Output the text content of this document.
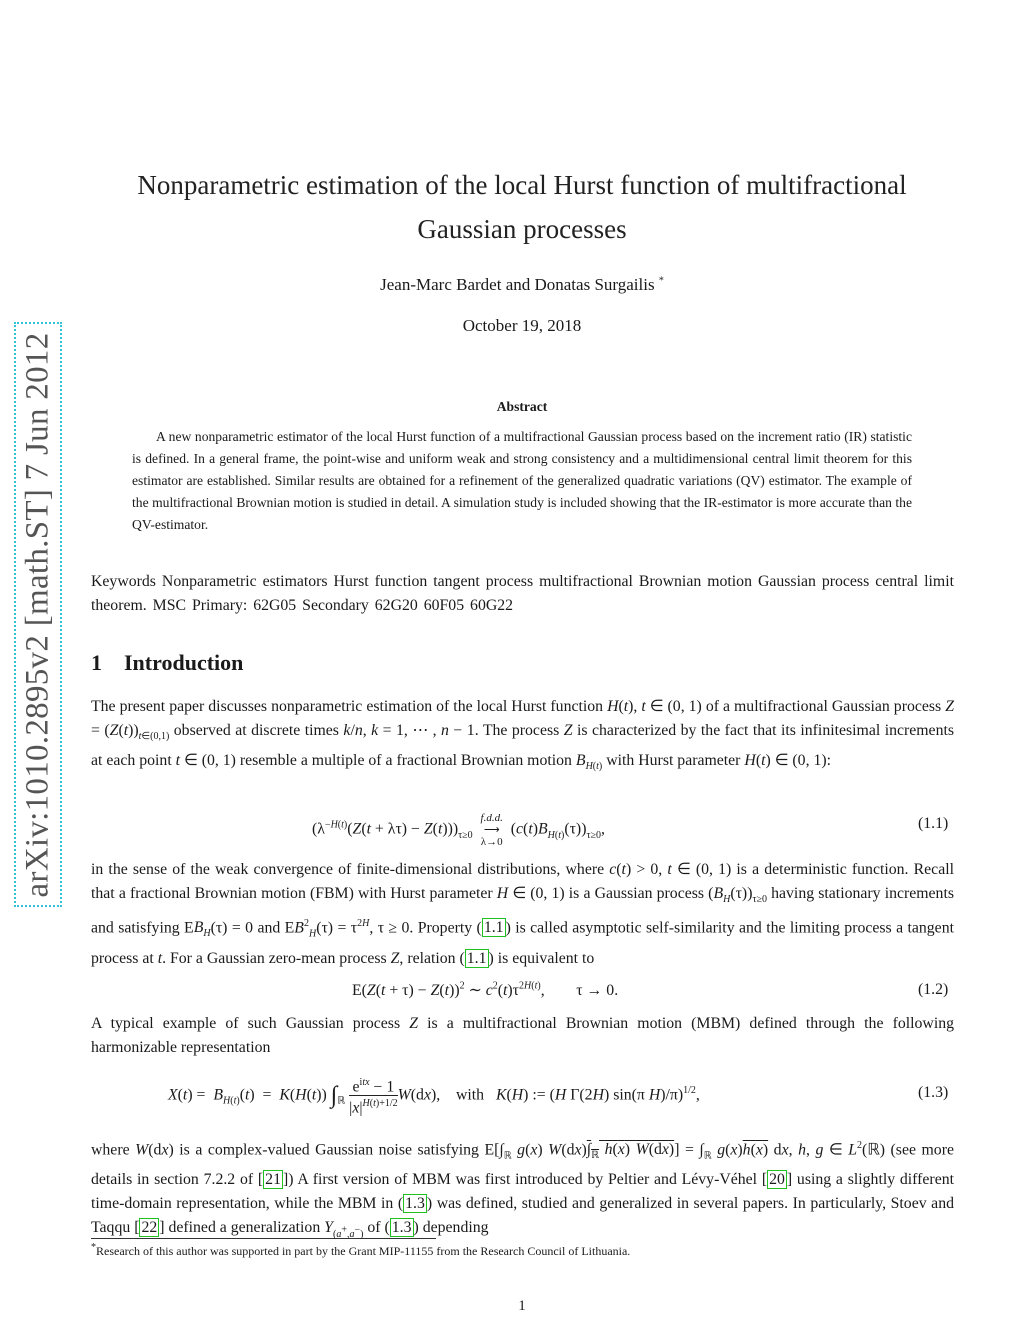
arXiv:1010.2895v2 [math.ST] 7 Jun 2012
Nonparametric estimation of the local Hurst function of multifractional
Gaussian processes
Jean-Marc Bardet and Donatas Surgailis *
October 19, 2018
Abstract
A new nonparametric estimator of the local Hurst function of a multifractional Gaussian process based on the increment ratio (IR) statistic is defined. In a general frame, the point-wise and uniform weak and strong consistency and a multidimensional central limit theorem for this estimator are established. Similar results are obtained for a refinement of the generalized quadratic variations (QV) estimator. The example of the multifractional Brownian motion is studied in detail. A simulation study is included showing that the IR-estimator is more accurate than the QV-estimator.
Keywords Nonparametric estimators Hurst function tangent process multifractional Brownian motion Gaussian process central limit theorem. MSC Primary: 62G05 Secondary 62G20 60F05 60G22
1 Introduction
The present paper discusses nonparametric estimation of the local Hurst function H(t), t ∈ (0, 1) of a multifractional Gaussian process $Z = (Z(t))_{t\in(0,1)}$ observed at discrete times k/n, k = 1, ⋯ , n − 1. The process Z is characterized by the fact that its infinitesimal increments at each point t ∈ (0, 1) resemble a multiple of a fractional Brownian motion $B_{H(t)}$ with Hurst parameter H(t) ∈ (0, 1):
$(\lambda^{-H(t)}(Z(t + \lambda\tau) - Z(t)))_{\tau\ge 0}$  f.d.d.
⟶
λ→0  $(c(t)B_{H(t)}(\tau))_{\tau\ge 0}$,	(1.1)
in the sense of the weak convergence of finite-dimensional distributions, where c(t) > 0, t ∈ (0, 1) is a deterministic function. Recall that a fractional Brownian motion (FBM) with Hurst parameter H ∈ (0, 1) is a Gaussian process $(B_H(\tau))_{\tau\ge 0}$ having stationary increments and satisfying $EB_H(\tau) = 0$ and $EB^2_H(\tau) = \tau^{2H}$, τ ≥ 0. Property ( 1.1 ) is called asymptotic self-similarity and the limiting process a tangent process at t. For a Gaussian zero-mean process Z, relation ( 1.1 ) is equivalent to
$E(Z(t + \tau) - Z(t))^2$ ∼ $c^2(t)\tau^{2H(t)}$,        τ → 0.	(1.2)
A typical example of such Gaussian process Z is a multifractional Brownian motion (MBM) defined through the following harmonizable representation
$X(t) = B_{H(t)}(t) = K(H(t))$ $\int_ℝ$
$e^{itx} - 1$
$|x|^{H(t)+1/2}$
W(dx),    with   K(H) := (H Γ(2H) sin(π H)/π)$^{1/2}$,	(1.3)
where W(dx) is a complex-valued Gaussian noise satisfying $E[\int_ℝ$ g(x) $W(dx)\int_ℝ$ h(x) $W(dx)] = \int_ℝ$ g(x)h(x) dx, h, g ∈ $L^2(ℝ)$ (see more details in section 7.2.2 of [ 21 ]) A first version of MBM was first introduced by Peltier and Lévy-Véhel [ 20 ] using a slightly different time-domain representation, while the MBM in ( 1.3 ) was defined, studied and generalized in several papers. In particularly, Stoev and Taqqu [ 22 ] defined a generalization $Y_{(a^+,a^-)}$ of ( 1.3 ) depending
*Research of this author was supported in part by the Grant MIP-11155 from the Research Council of Lithuania.
1
